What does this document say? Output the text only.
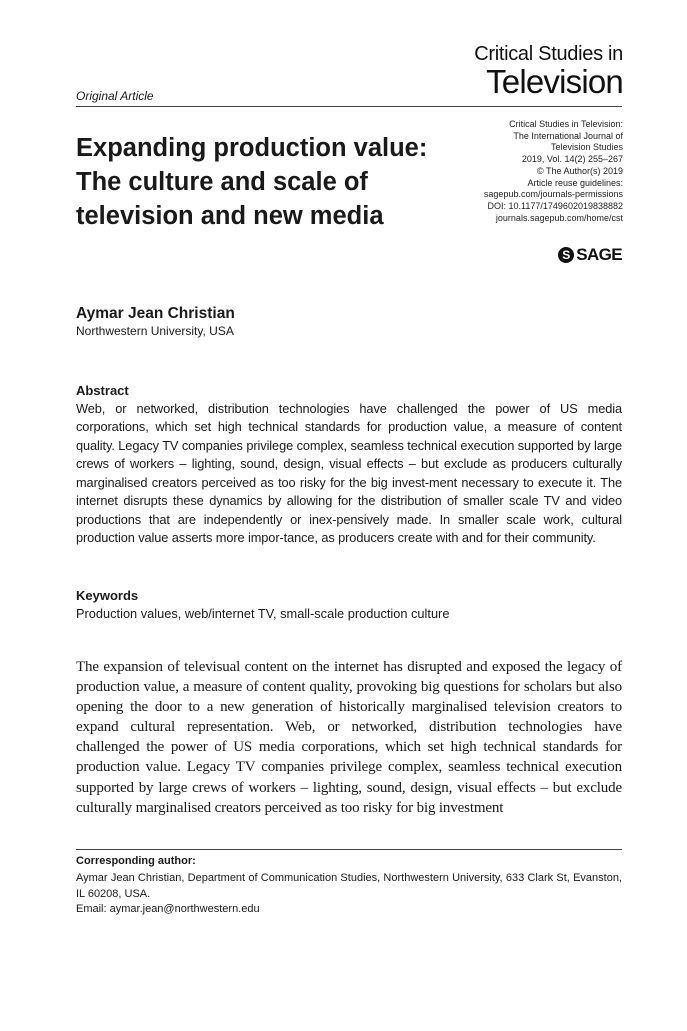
Critical Studies in
Television
Original Article
Expanding production value: The culture and scale of television and new media
Critical Studies in Television:
The International Journal of
Television Studies
2019, Vol. 14(2) 255–267
© The Author(s) 2019
Article reuse guidelines:
sagepub.com/journals-permissions
DOI: 10.1177/1749602019838882
journals.sagepub.com/home/cst
S SAGE
Aymar Jean Christian
Northwestern University, USA
Abstract
Web, or networked, distribution technologies have challenged the power of US media corporations, which set high technical standards for production value, a measure of content quality. Legacy TV companies privilege complex, seamless technical execution supported by large crews of workers – lighting, sound, design, visual effects – but exclude as producers culturally marginalised creators perceived as too risky for the big invest-ment necessary to execute it. The internet disrupts these dynamics by allowing for the distribution of smaller scale TV and video productions that are independently or inex-pensively made. In smaller scale work, cultural production value asserts more impor-tance, as producers create with and for their community.
Keywords
Production values, web/internet TV, small-scale production culture
The expansion of televisual content on the internet has disrupted and exposed the legacy of production value, a measure of content quality, provoking big questions for scholars but also opening the door to a new generation of historically marginalised television creators to expand cultural representation. Web, or networked, distribution technologies have challenged the power of US media corporations, which set high technical standards for production value. Legacy TV companies privilege complex, seamless technical execution supported by large crews of workers – lighting, sound, design, visual effects – but exclude culturally marginalised creators perceived as too risky for big investment
Corresponding author:
Aymar Jean Christian, Department of Communication Studies, Northwestern University, 633 Clark St, Evanston, IL 60208, USA.
Email: aymar.jean@northwestern.edu
